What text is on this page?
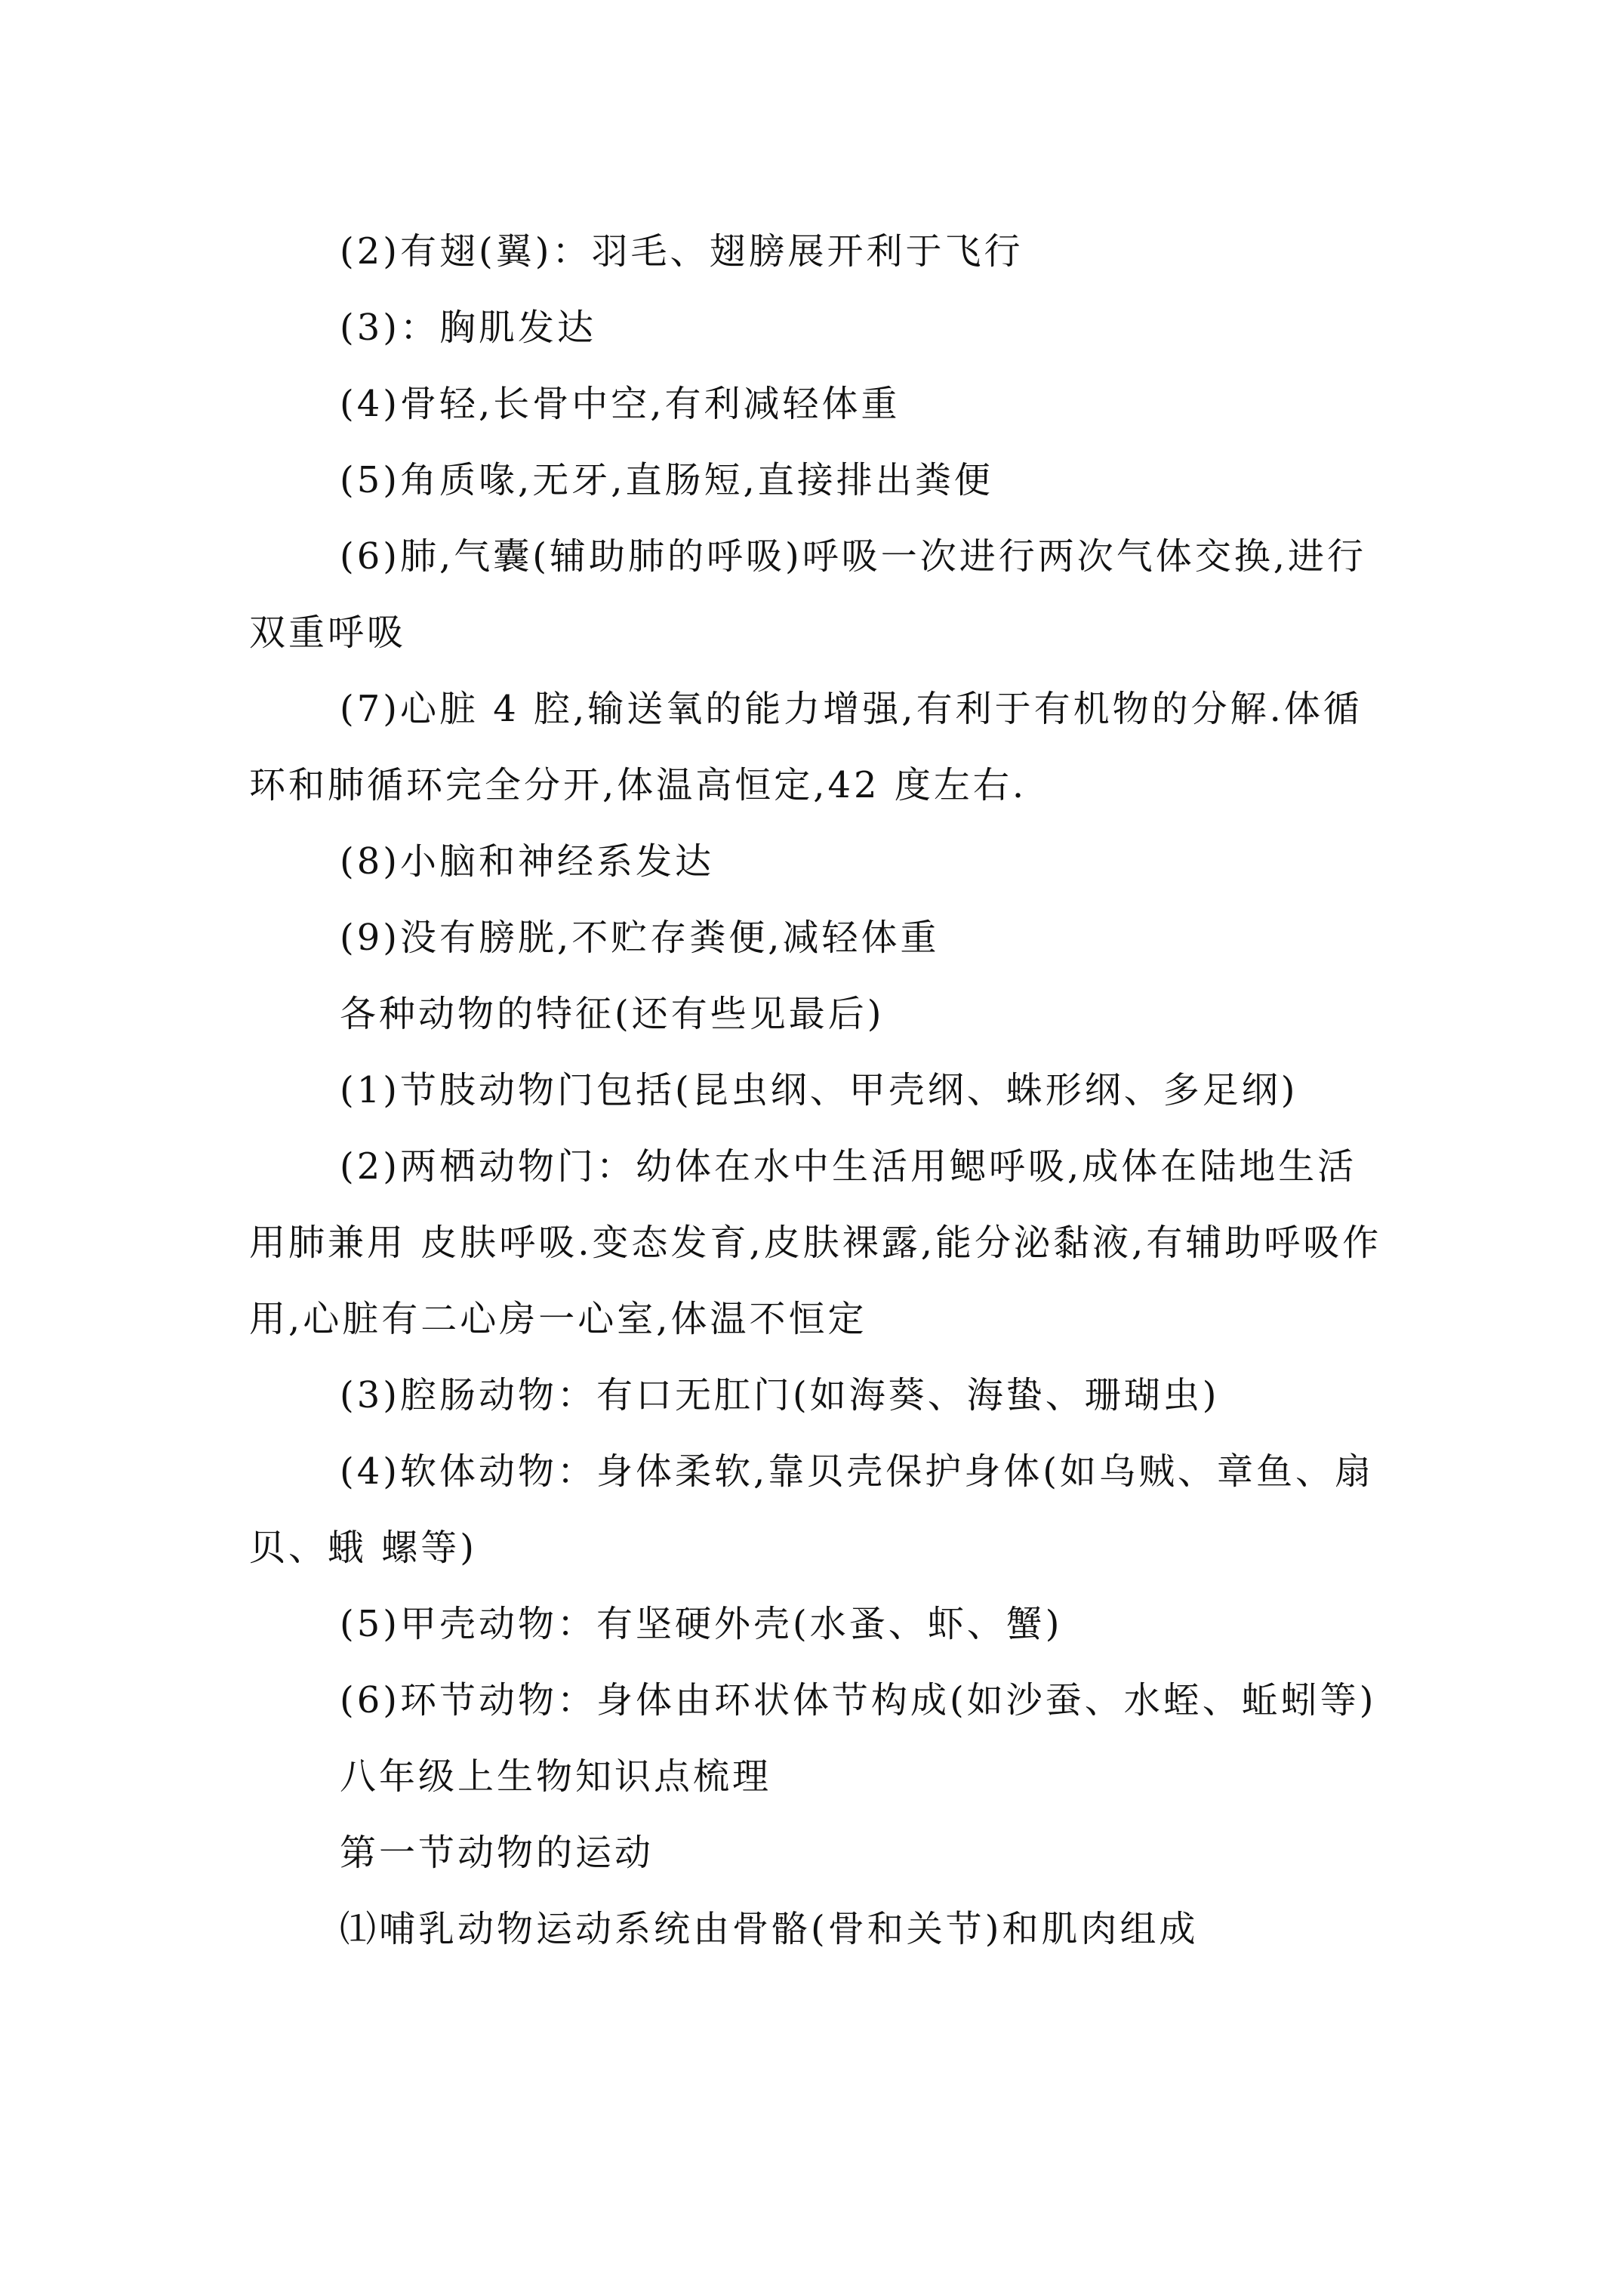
(2)有翅(翼)：羽毛、翅膀展开利于飞行

(3)：胸肌发达

(4)骨轻,长骨中空,有利减轻体重

(5)角质喙,无牙,直肠短,直接排出粪便

(6)肺,气囊(辅助肺的呼吸)呼吸一次进行两次气体交换,进行双重呼吸

(7)心脏 4 腔,输送氧的能力增强,有利于有机物的分解.体循环和肺循环完全分开,体温高恒定,42 度左右.

(8)小脑和神经系发达

(9)没有膀胱,不贮存粪便,减轻体重

各种动物的特征(还有些见最后)

(1)节肢动物门包括(昆虫纲、甲壳纲、蛛形纲、多足纲)

(2)两栖动物门：幼体在水中生活用鳃呼吸,成体在陆地生活用肺兼用 皮肤呼吸.变态发育,皮肤裸露,能分泌黏液,有辅助呼吸作用,心脏有二心房一心室,体温不恒定

(3)腔肠动物：有口无肛门(如海葵、海蛰、珊瑚虫)

(4)软体动物：身体柔软,靠贝壳保护身体(如乌贼、章鱼、扇贝、蛾 螺等)

(5)甲壳动物：有坚硬外壳(水蚤、虾、蟹)

(6)环节动物：身体由环状体节构成(如沙蚕、水蛭、蚯蚓等)

八年级上生物知识点梳理

第一节动物的运动

⑴哺乳动物运动系统由骨骼(骨和关节)和肌肉组成
